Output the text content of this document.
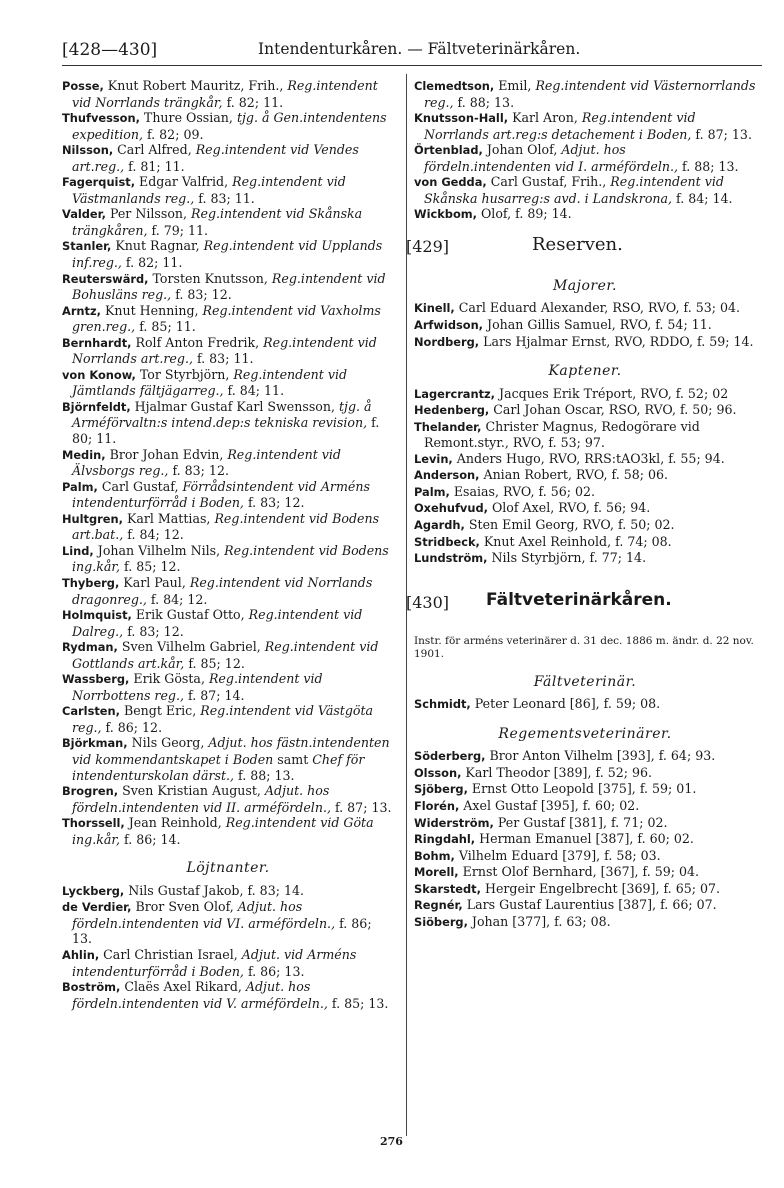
[428—430]	Intendenturkåren. — Fältveterinärkåren.

Posse, Knut Robert Mauritz, Frih., Reg.intendent vid Norrlands trängkår, f. 82; 11.

Thufvesson, Thure Ossian, tjg. å Gen.intendentens expedition, f. 82; 09.

Nilsson, Carl Alfred, Reg.intendent vid Vendes art.reg., f. 81; 11.

Fagerquist, Edgar Valfrid, Reg.intendent vid Västmanlands reg., f. 83; 11.

Valder, Per Nilsson, Reg.intendent vid Skånska trängkåren, f. 79; 11.

Stanler, Knut Ragnar, Reg.intendent vid Upplands inf.reg., f. 82; 11.

Reuterswärd, Torsten Knutsson, Reg.intendent vid Bohusläns reg., f. 83; 12.

Arntz, Knut Henning, Reg.intendent vid Vaxholms gren.reg., f. 85; 11.

Bernhardt, Rolf Anton Fredrik, Reg.intendent vid Norrlands art.reg., f. 83; 11.

von Konow, Tor Styrbjörn, Reg.intendent vid Jämtlands fältjägarreg., f. 84; 11.

Björnfeldt, Hjalmar Gustaf Karl Swensson, tjg. å Arméförvaltn:s intend.dep:s tekniska revision, f. 80; 11.

Medin, Bror Johan Edvin, Reg.intendent vid Älvsborgs reg., f. 83; 12.

Palm, Carl Gustaf, Förrådsintendent vid Arméns intendenturförråd i Boden, f. 83; 12.

Hultgren, Karl Mattias, Reg.intendent vid Bodens art.bat., f. 84; 12.

Lind, Johan Vilhelm Nils, Reg.intendent vid Bodens ing.kår, f. 85; 12.

Thyberg, Karl Paul, Reg.intendent vid Norrlands dragonreg., f. 84; 12.

Holmquist, Erik Gustaf Otto, Reg.intendent vid Dalreg., f. 83; 12.

Rydman, Sven Vilhelm Gabriel, Reg.intendent vid Gottlands art.kår, f. 85; 12.

Wassberg, Erik Gösta, Reg.intendent vid Norrbottens reg., f. 87; 14.

Carlsten, Bengt Eric, Reg.intendent vid Västgöta reg., f. 86; 12.

Björkman, Nils Georg, Adjut. hos fästn.intendenten vid kommendantskapet i Boden samt Chef för intendenturskolan därst., f. 88; 13.

Brogren, Sven Kristian August, Adjut. hos fördeln.intendenten vid II. arméfördeln., f. 87; 13.

Thorssell, Jean Reinhold, Reg.intendent vid Göta ing.kår, f. 86; 14.

Löjtnanter.

Lyckberg, Nils Gustaf Jakob, f. 83; 14.

de Verdier, Bror Sven Olof, Adjut. hos fördeln.intendenten vid VI. arméfördeln., f. 86; 13.

Ahlin, Carl Christian Israel, Adjut. vid Arméns intendenturförråd i Boden, f. 86; 13.

Boström, Claës Axel Rikard, Adjut. hos fördeln.intendenten vid V. arméfördeln., f. 85; 13.

Clemedtson, Emil, Reg.intendent vid Västernorrlands reg., f. 88; 13.

Knutsson-Hall, Karl Aron, Reg.intendent vid Norrlands art.reg:s detachement i Boden, f. 87; 13.

Örtenblad, Johan Olof, Adjut. hos fördeln.intendenten vid I. arméfördeln., f. 88; 13.

von Gedda, Carl Gustaf, Frih., Reg.intendent vid Skånska husarreg:s avd. i Landskrona, f. 84; 14.

Wickbom, Olof, f. 89; 14.

[429]	Reserven.
Majorer.

Kinell, Carl Eduard Alexander, RSO, RVO, f. 53; 04.

Arfwidson, Johan Gillis Samuel, RVO, f. 54; 11.

Nordberg, Lars Hjalmar Ernst, RVO, RDDO, f. 59; 14.

Kaptener.

Lagercrantz, Jacques Erik Tréport, RVO, f. 52; 02

Hedenberg, Carl Johan Oscar, RSO, RVO, f. 50; 96.

Thelander, Christer Magnus, Redogörare vid Remont.styr., RVO, f. 53; 97.

Levin, Anders Hugo, RVO, RRS:tAO3kl, f. 55; 94.

Anderson, Anian Robert, RVO, f. 58; 06.

Palm, Esaias, RVO, f. 56; 02.

Oxehufvud, Olof Axel, RVO, f. 56; 94.

Agardh, Sten Emil Georg, RVO, f. 50; 02.

Stridbeck, Knut Axel Reinhold, f. 74; 08.

Lundström, Nils Styrbjörn, f. 77; 14.

[430] Fältveterinärkåren.

Instr. för arméns veterinärer d. 31 dec. 1886 m. ändr. d. 22 nov. 1901.

Fältveterinär.

Schmidt, Peter Leonard [86], f. 59; 08.

Regementsveterinärer.

Söderberg, Bror Anton Vilhelm [393], f. 64; 93.

Olsson, Karl Theodor [389], f. 52; 96.

Sjöberg, Ernst Otto Leopold [375], f. 59; 01.

Florén, Axel Gustaf [395], f. 60; 02.

Widerström, Per Gustaf [381], f. 71; 02.

Ringdahl, Herman Emanuel [387], f. 60; 02.

Bohm, Vilhelm Eduard [379], f. 58; 03.

Morell, Ernst Olof Bernhard, [367], f. 59; 04.

Skarstedt, Hergeir Engelbrecht [369], f. 65; 07.

Regnér, Lars Gustaf Laurentius [387], f. 66; 07.

Siöberg, Johan [377], f. 63; 08.

276
